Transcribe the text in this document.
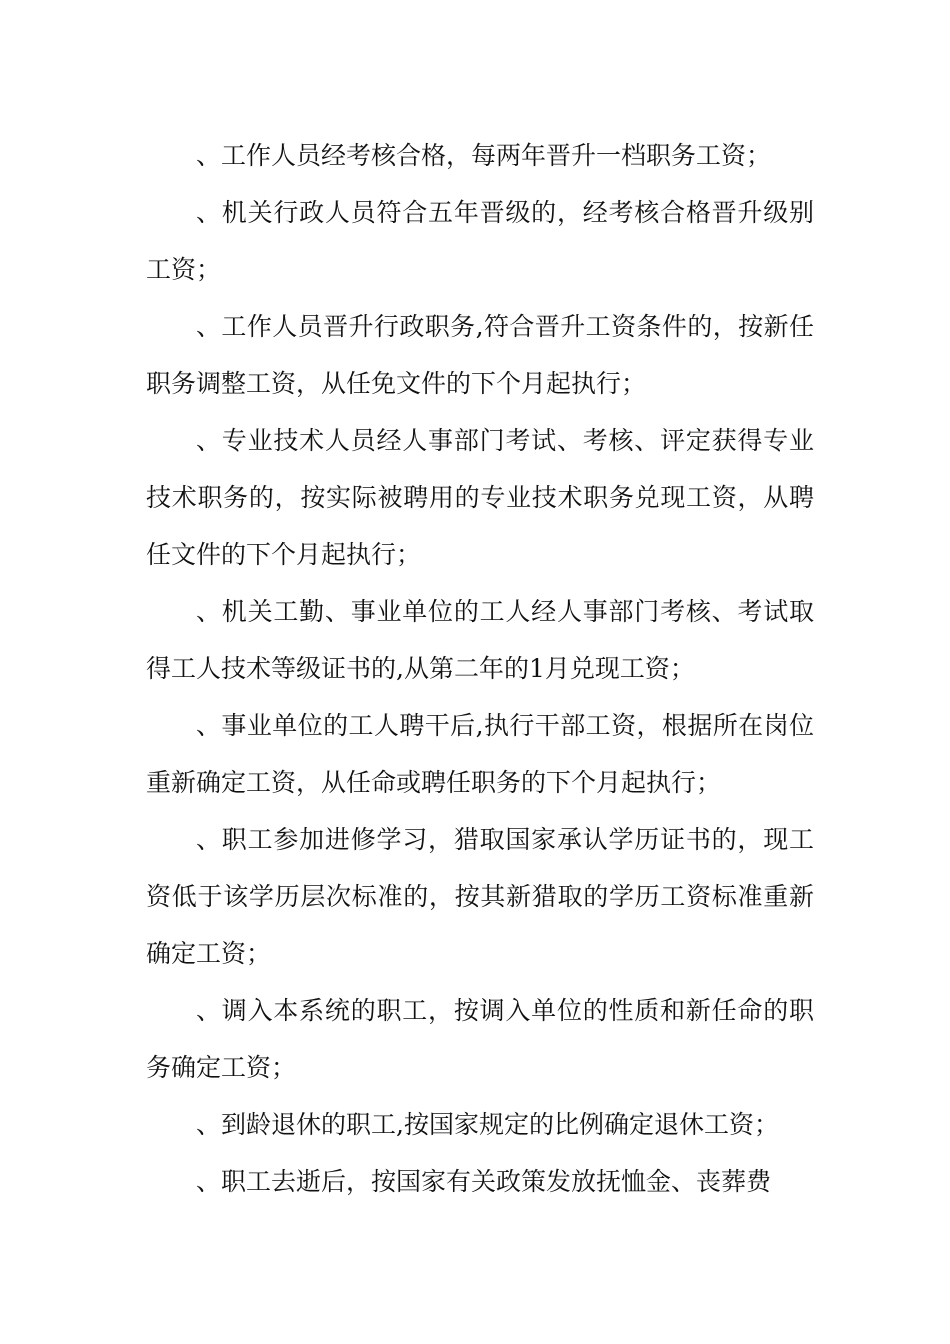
、工作人员经考核合格，每两年晋升一档职务工资；

、机关行政人员符合五年晋级的，经考核合格晋升级别工资；

、工作人员晋升行政职务,符合晋升工资条件的，按新任职务调整工资，从任免文件的下个月起执行；

、专业技术人员经人事部门考试、考核、评定获得专业技术职务的，按实际被聘用的专业技术职务兑现工资，从聘任文件的下个月起执行；

、机关工勤、事业单位的工人经人事部门考核、考试取得工人技术等级证书的,从第二年的1月兑现工资；

、事业单位的工人聘干后,执行干部工资，根据所在岗位重新确定工资，从任命或聘任职务的下个月起执行；

、职工参加进修学习，猎取国家承认学历证书的，现工资低于该学历层次标准的，按其新猎取的学历工资标准重新确定工资；

、调入本系统的职工，按调入单位的性质和新任命的职务确定工资；

、到龄退休的职工,按国家规定的比例确定退休工资；

、职工去逝后，按国家有关政策发放抚恤金、丧葬费
